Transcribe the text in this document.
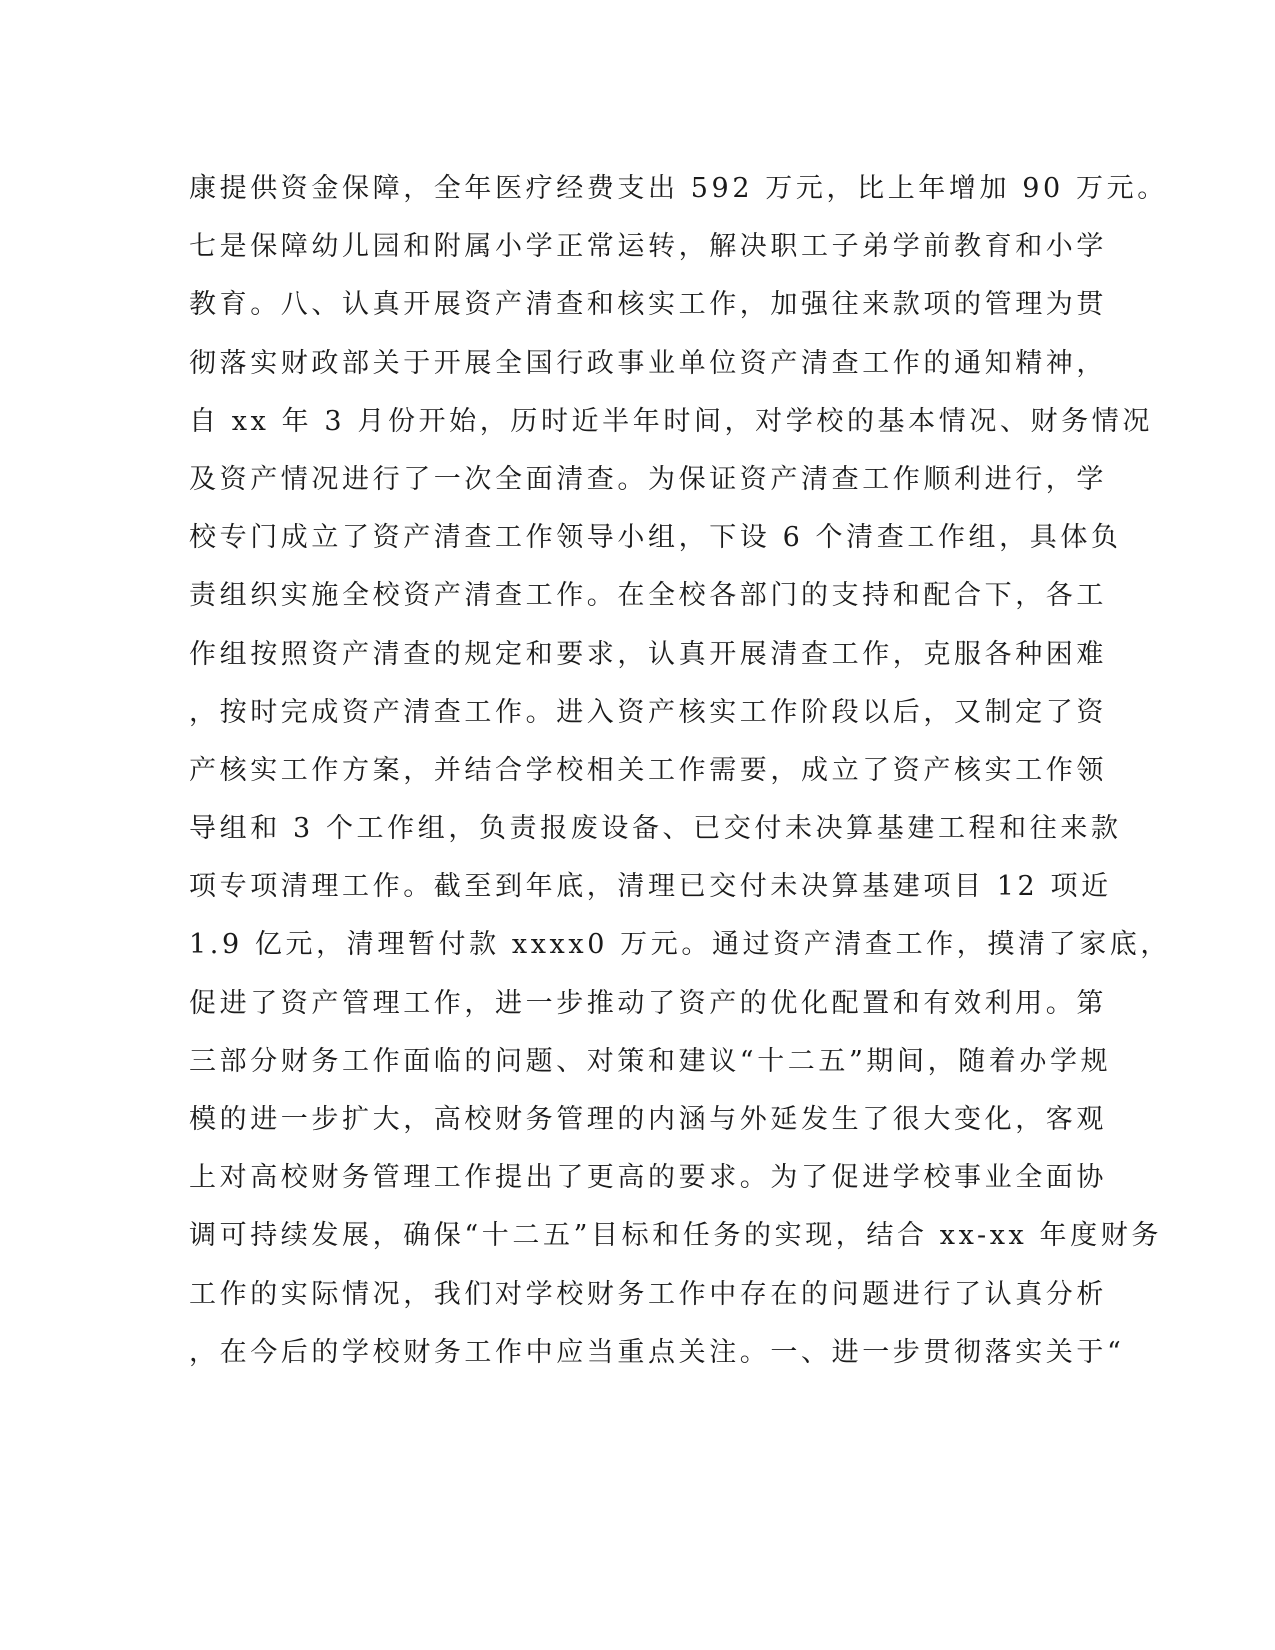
康提供资金保障，全年医疗经费支出 592 万元，比上年增加 90 万元。
七是保障幼儿园和附属小学正常运转，解决职工子弟学前教育和小学
教育。八、认真开展资产清查和核实工作，加强往来款项的管理为贯
彻落实财政部关于开展全国行政事业单位资产清查工作的通知精神，
自 xx 年 3 月份开始，历时近半年时间，对学校的基本情况、财务情况
及资产情况进行了一次全面清查。为保证资产清查工作顺利进行，学
校专门成立了资产清查工作领导小组，下设 6 个清查工作组，具体负
责组织实施全校资产清查工作。在全校各部门的支持和配合下，各工
作组按照资产清查的规定和要求，认真开展清查工作，克服各种困难
，按时完成资产清查工作。进入资产核实工作阶段以后，又制定了资
产核实工作方案，并结合学校相关工作需要，成立了资产核实工作领
导组和 3 个工作组，负责报废设备、已交付未决算基建工程和往来款
项专项清理工作。截至到年底，清理已交付未决算基建项目 12 项近
1.9 亿元，清理暂付款 xxxx0 万元。通过资产清查工作，摸清了家底，
促进了资产管理工作，进一步推动了资产的优化配置和有效利用。第
三部分财务工作面临的问题、对策和建议“十二五”期间，随着办学规
模的进一步扩大，高校财务管理的内涵与外延发生了很大变化，客观
上对高校财务管理工作提出了更高的要求。为了促进学校事业全面协
调可持续发展，确保“十二五”目标和任务的实现，结合 xx-xx 年度财务
工作的实际情况，我们对学校财务工作中存在的问题进行了认真分析
，在今后的学校财务工作中应当重点关注。一、进一步贯彻落实关于“
